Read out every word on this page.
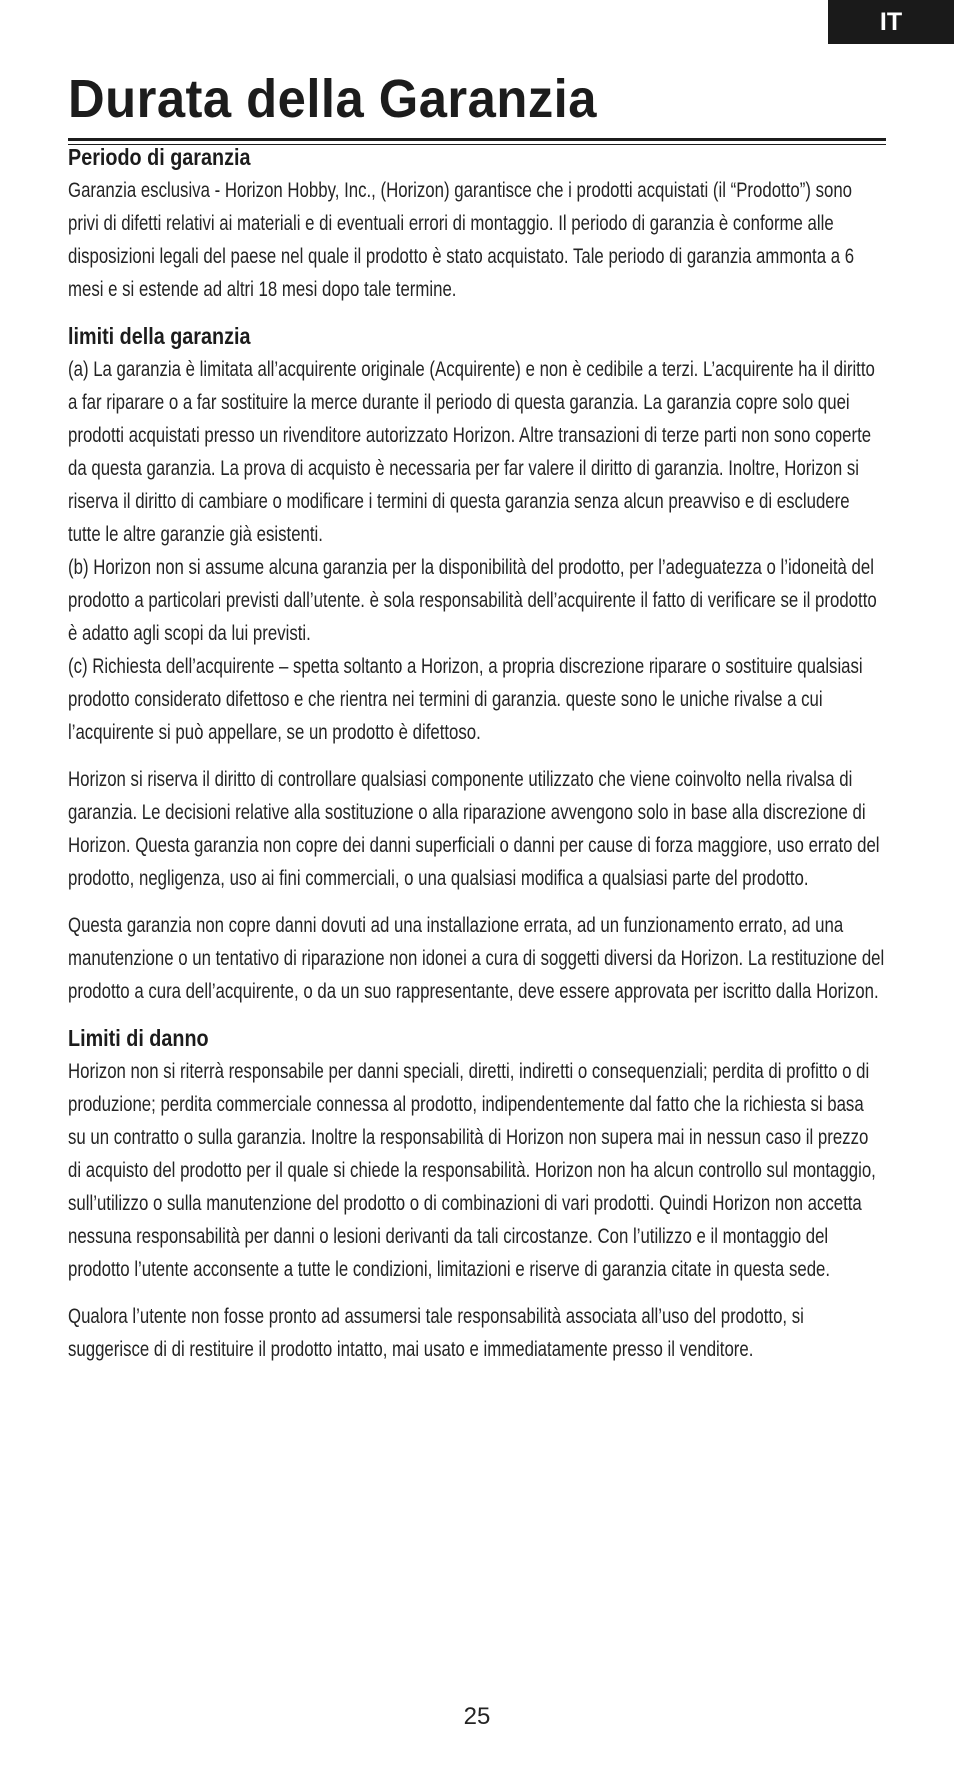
IT
Durata della Garanzia
Periodo di garanzia

Garanzia esclusiva - Horizon Hobby, Inc., (Horizon) garantisce che i prodotti acquistati (il “Prodotto”) sono privi di difetti relativi ai materiali e di eventuali errori di montaggio. Il periodo di garanzia è conforme alle disposizioni legali del paese nel quale il prodotto è stato acquistato. Tale periodo di garanzia ammonta a 6 mesi e si estende ad altri 18 mesi dopo tale termine.

limiti della garanzia

(a) La garanzia è limitata all’acquirente originale (Acquirente) e non è cedibile a terzi. L’acquirente ha il diritto a far riparare o a far sostituire la merce durante il periodo di questa garanzia. La garanzia copre solo quei prodotti acquistati presso un rivenditore autorizzato Horizon. Altre transazioni di terze parti non sono coperte da questa garanzia. La prova di acquisto è necessaria per far valere il diritto di garanzia. Inoltre, Horizon si riserva il diritto di cambiare o modificare i termini di questa garanzia senza alcun preavviso e di escludere tutte le altre garanzie già esistenti.

(b) Horizon non si assume alcuna garanzia per la disponibilità del prodotto, per l’adeguatezza o l’idoneità del prodotto a particolari previsti dall’utente. è sola responsabilità dell’acquirente il fatto di verificare se il prodotto è adatto agli scopi da lui previsti.

(c) Richiesta dell’acquirente – spetta soltanto a Horizon, a propria discrezione riparare o sostituire qualsiasi prodotto considerato difettoso e che rientra nei termini di garanzia. queste sono le uniche rivalse a cui l’acquirente si può appellare, se un prodotto è difettoso.

Horizon si riserva il diritto di controllare qualsiasi componente utilizzato che viene coinvolto nella rivalsa di garanzia. Le decisioni relative alla sostituzione o alla riparazione avvengono solo in base alla discrezione di Horizon. Questa garanzia non copre dei danni superficiali o danni per cause di forza maggiore, uso errato del prodotto, negligenza, uso ai fini commerciali, o una qualsiasi modifica a qualsiasi parte del prodotto.

Questa garanzia non copre danni dovuti ad una installazione errata, ad un funzionamento errato, ad una manutenzione o un tentativo di riparazione non idonei a cura di soggetti diversi da Horizon. La restituzione del prodotto a cura dell’acquirente, o da un suo rappresentante, deve essere approvata per iscritto dalla Horizon.

Limiti di danno

Horizon non si riterrà responsabile per danni speciali, diretti, indiretti o consequenziali; perdita di profitto o di produzione; perdita commerciale connessa al prodotto, indipendentemente dal fatto che la richiesta si basa su un contratto o sulla garanzia. Inoltre la responsabilità di Horizon non supera mai in nessun caso il prezzo di acquisto del prodotto per il quale si chiede la responsabilità. Horizon non ha alcun controllo sul montaggio, sull’utilizzo o sulla manutenzione del prodotto o di combinazioni di vari prodotti. Quindi Horizon non accetta nessuna responsabilità per danni o lesioni derivanti da tali circostanze. Con l’utilizzo e il montaggio del prodotto l’utente acconsente a tutte le condizioni, limitazioni e riserve di garanzia citate in questa sede.

Qualora l’utente non fosse pronto ad assumersi tale responsabilità associata all’uso del prodotto, si suggerisce di di restituire il prodotto intatto, mai usato e immediatamente presso il venditore.

25
